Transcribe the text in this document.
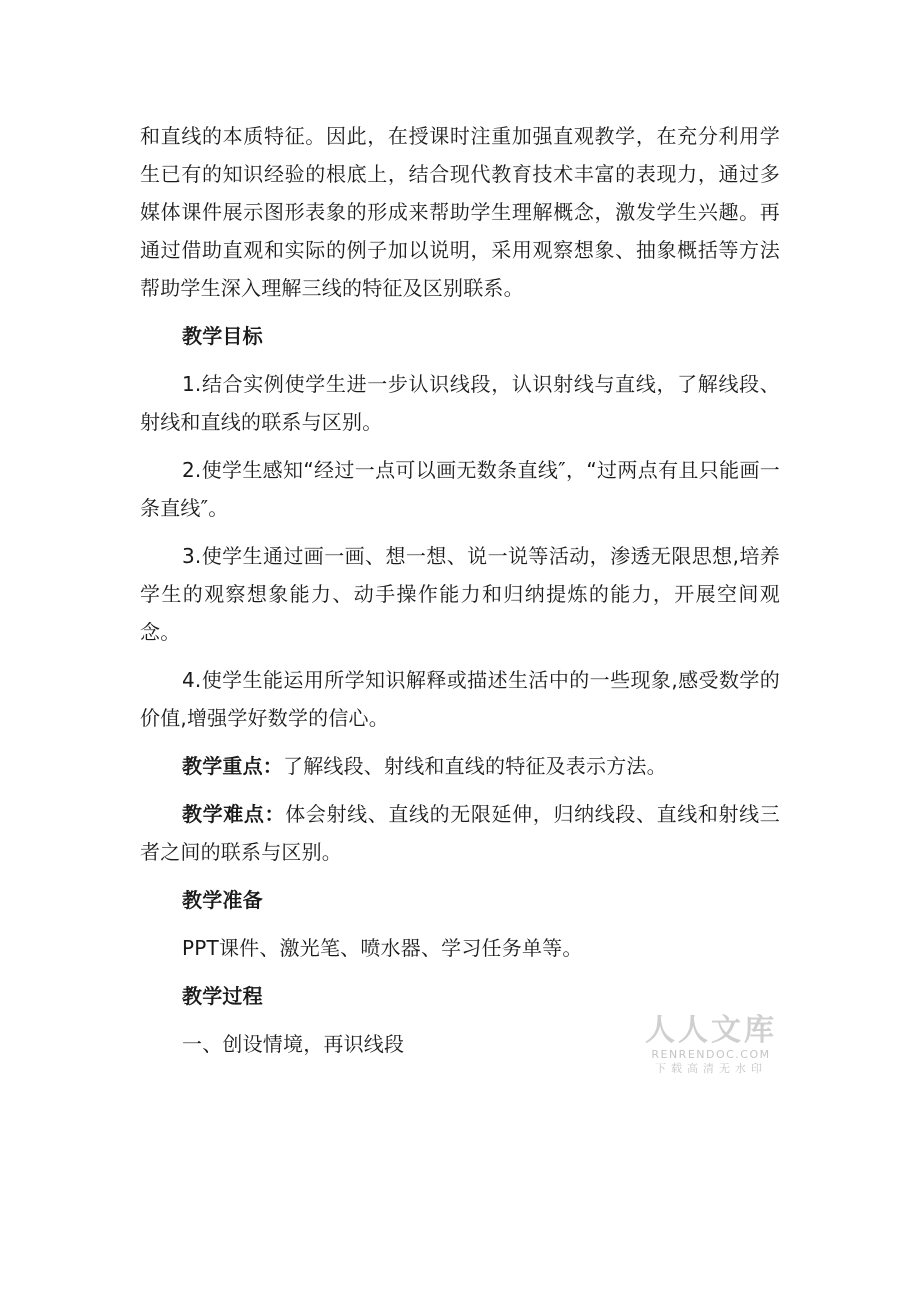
和直线的本质特征。因此，在授课时注重加强直观教学，在充分利用学生已有的知识经验的根底上，结合现代教育技术丰富的表现力，通过多媒体课件展示图形表象的形成来帮助学生理解概念，激发学生兴趣。再通过借助直观和实际的例子加以说明，采用观察想象、抽象概括等方法帮助学生深入理解三线的特征及区别联系。

教学目标

1.结合实例使学生进一步认识线段，认识射线与直线，了解线段、射线和直线的联系与区别。

2.使学生感知“经过一点可以画无数条直线″，“过两点有且只能画一条直线″。

3.使学生通过画一画、想一想、说一说等活动，渗透无限思想,培养学生的观察想象能力、动手操作能力和归纳提炼的能力，开展空间观念。

4.使学生能运用所学知识解释或描述生活中的一些现象,感受数学的价值,增强学好数学的信心。

教学重点：了解线段、射线和直线的特征及表示方法。

教学难点：体会射线、直线的无限延伸，归纳线段、直线和射线三者之间的联系与区别。

教学准备

PPT课件、激光笔、喷水器、学习任务单等。

教学过程

一、创设情境，再识线段	人人文库
RENRENDOC.COM
下载高清无水印
